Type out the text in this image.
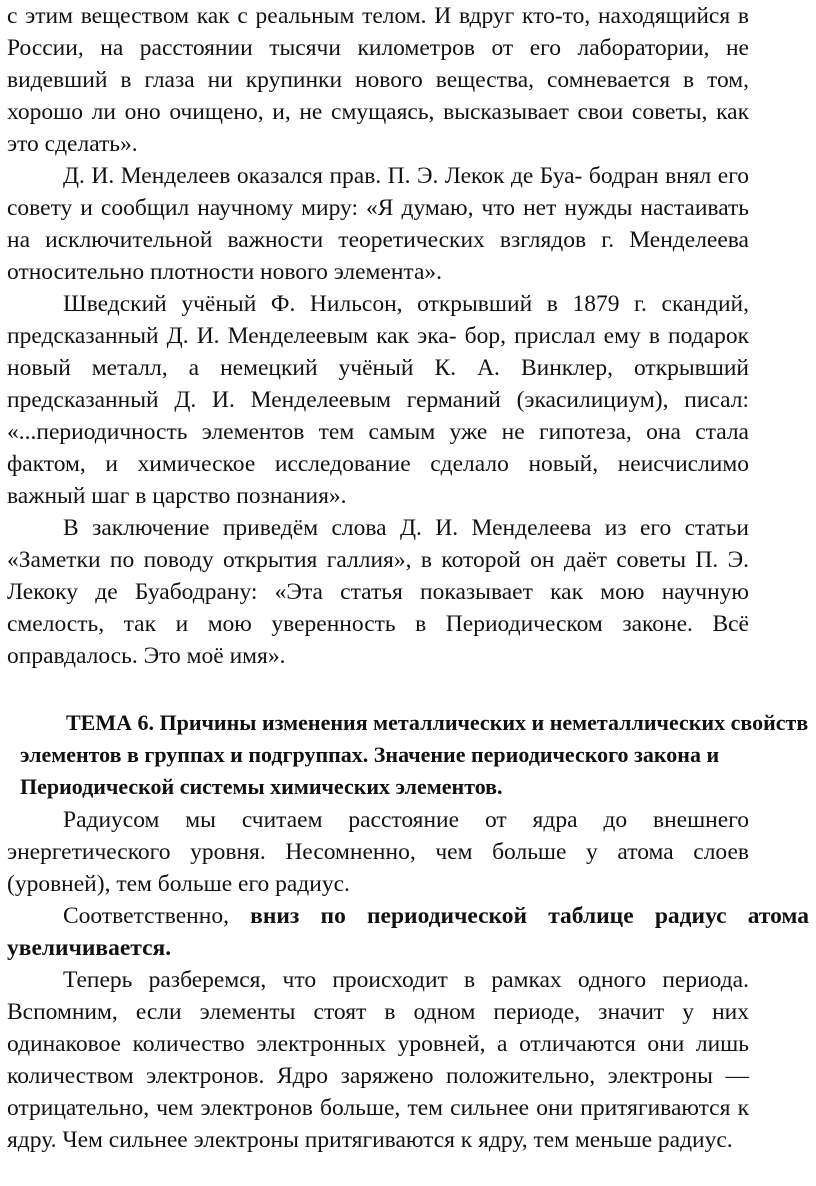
с этим веществом как с реальным телом. И вдруг кто-то, находящийся в России, на расстоянии тысячи километров от его лаборатории, не видевший в глаза ни крупинки нового вещества, сомневается в том, хорошо ли оно очищено, и, не смущаясь, высказывает свои советы, как это сделать».

Д. И. Менделеев оказался прав. П. Э. Лекок де Буа- бодран внял его совету и сообщил научному миру: «Я думаю, что нет нужды настаивать на исключительной важности теоретических взглядов г. Менделеева относительно плотности нового элемента».

Шведский учёный Ф. Нильсон, открывший в 1879 г. скандий, предсказанный Д. И. Менделеевым как эка- бор, прислал ему в подарок новый металл, а немецкий учёный К. А. Винклер, открывший предсказанный Д. И. Менделеевым германий (экасилициум), писал: «...периодичность элементов тем самым уже не гипотеза, она стала фактом, и химическое исследование сделало новый, неисчислимо важный шаг в царство познания».

В заключение приведём слова Д. И. Менделеева из его статьи «Заметки по поводу открытия галлия», в которой он даёт советы П. Э. Лекоку де Буабодрану: «Эта статья показывает как мою научную смелость, так и мою уверенность в Периодическом законе. Всё оправдалось. Это моё имя».

ТЕМА 6. Причины изменения металлических и неметаллических свойств элементов в группах и подгруппах. Значение периодического закона и Периодической системы химических элементов.

Радиусом мы считаем расстояние от ядра до внешнего энергетического уровня. Несомненно, чем больше у атома слоев (уровней), тем больше его радиус.

Соответственно, вниз по периодической таблице радиус атома увеличивается.

Теперь разберемся, что происходит в рамках одного периода. Вспомним, если элементы стоят в одном периоде, значит у них одинаковое количество электронных уровней, а отличаются они лишь количеством электронов. Ядро заряжено положительно, электроны — отрицательно, чем электронов больше, тем сильнее они притягиваются к ядру. Чем сильнее электроны притягиваются к ядру, тем меньше радиус.
